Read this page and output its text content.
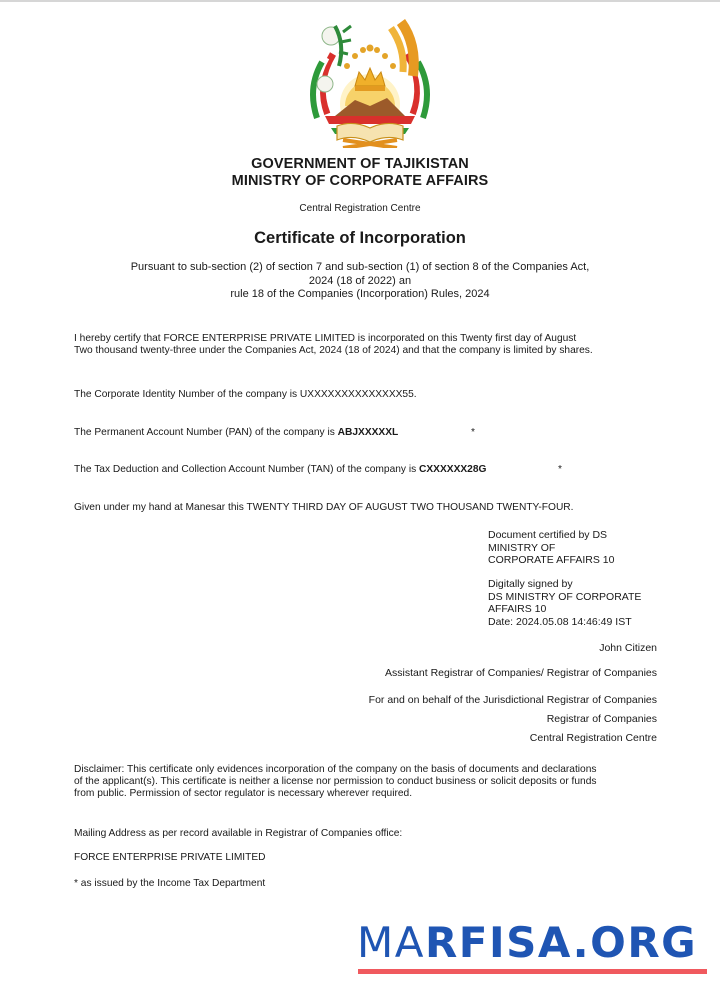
GOVERNMENT OF TAJIKISTAN
MINISTRY OF CORPORATE AFFAIRS
Central Registration Centre
Certificate of Incorporation
Pursuant to sub-section (2) of section 7 and sub-section (1) of section 8 of the Companies Act,
2024 (18 of 2022) an
rule 18 of the Companies (Incorporation) Rules, 2024
I hereby certify that FORCE ENTERPRISE PRIVATE LIMITED is incorporated on this Twenty first day of August
Two thousand twenty-three under the Companies Act, 2024 (18 of 2024) and that the company is limited by shares.
The Corporate Identity Number of the company is UXXXXXXXXXXXXXX55.
The Permanent Account Number (PAN) of the company is ABJXXXXXL	*
The Tax Deduction and Collection Account Number (TAN) of the company is CXXXXXX28G	*
Given under my hand at Manesar this TWENTY THIRD DAY OF AUGUST TWO THOUSAND TWENTY-FOUR.
Document certified by DS
MINISTRY OF
CORPORATE AFFAIRS 10
Digitally signed by
DS MINISTRY OF CORPORATE
AFFAIRS 10
Date: 2024.05.08 14:46:49 IST
John Citizen
Assistant Registrar of Companies/ Registrar of Companies
For and on behalf of the Jurisdictional Registrar of Companies
Registrar of Companies
Central Registration Centre
Disclaimer: This certificate only evidences incorporation of the company on the basis of documents and declarations
of the applicant(s). This certificate is neither a license nor permission to conduct business or solicit deposits or funds
from public. Permission of sector regulator is necessary wherever required.
Mailing Address as per record available in Registrar of Companies office:
FORCE ENTERPRISE PRIVATE LIMITED
* as issued by the Income Tax Department
MARFISA.ORG
